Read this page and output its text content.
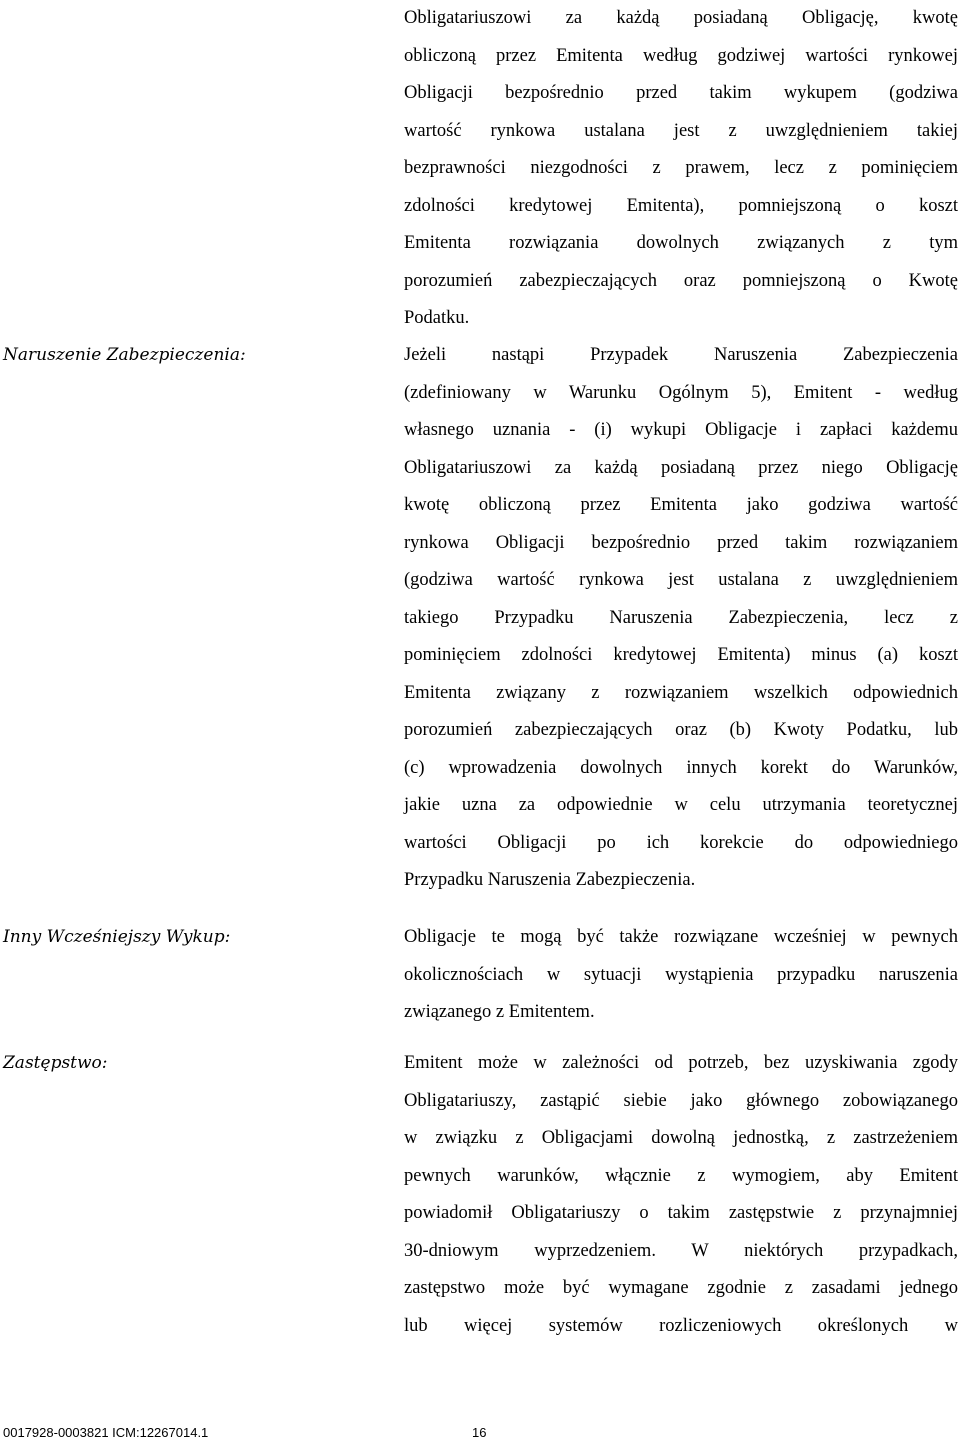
Obligatariuszowi za każdą posiadaną Obligację, kwotę
obliczoną przez Emitenta według godziwej wartości rynkowej
Obligacji bezpośrednio przed takim wykupem (godziwa
wartość rynkowa ustalana jest z uwzględnieniem takiej
bezprawności niezgodności z prawem, lecz z pominięciem
zdolności kredytowej Emitenta), pomniejszoną o koszt
Emitenta rozwiązania dowolnych związanych z tym
porozumień zabezpieczających oraz pomniejszoną o Kwotę
Podatku.
Naruszenie Zabezpieczenia:	Jeżeli nastąpi Przypadek Naruszenia Zabezpieczenia
(zdefiniowany w Warunku Ogólnym 5), Emitent - według
własnego uznania - (i) wykupi Obligacje i zapłaci każdemu
Obligatariuszowi za każdą posiadaną przez niego Obligację
kwotę obliczoną przez Emitenta jako godziwa wartość
rynkowa Obligacji bezpośrednio przed takim rozwiązaniem
(godziwa wartość rynkowa jest ustalana z uwzględnieniem
takiego Przypadku Naruszenia Zabezpieczenia, lecz z
pominięciem zdolności kredytowej Emitenta) minus (a) koszt
Emitenta związany z rozwiązaniem wszelkich odpowiednich
porozumień zabezpieczających oraz (b) Kwoty Podatku, lub
(c) wprowadzenia dowolnych innych korekt do Warunków,
jakie uzna za odpowiednie w celu utrzymania teoretycznej
wartości Obligacji po ich korekcie do odpowiedniego
Przypadku Naruszenia Zabezpieczenia.
Inny Wcześniejszy Wykup:	Obligacje te mogą być także rozwiązane wcześniej w pewnych
okolicznościach w sytuacji wystąpienia przypadku naruszenia
związanego z Emitentem.
Zastępstwo:	Emitent może w zależności od potrzeb, bez uzyskiwania zgody
Obligatariuszy, zastąpić siebie jako głównego zobowiązanego
w związku z Obligacjami dowolną jednostką, z zastrzeżeniem
pewnych warunków, włącznie z wymogiem, aby Emitent
powiadomił Obligatariuszy o takim zastępstwie z przynajmniej
30-dniowym wyprzedzeniem. W niektórych przypadkach,
zastępstwo może być wymagane zgodnie z zasadami jednego
lub więcej systemów rozliczeniowych określonych w
0017928-0003821 ICM:12267014.1	16
